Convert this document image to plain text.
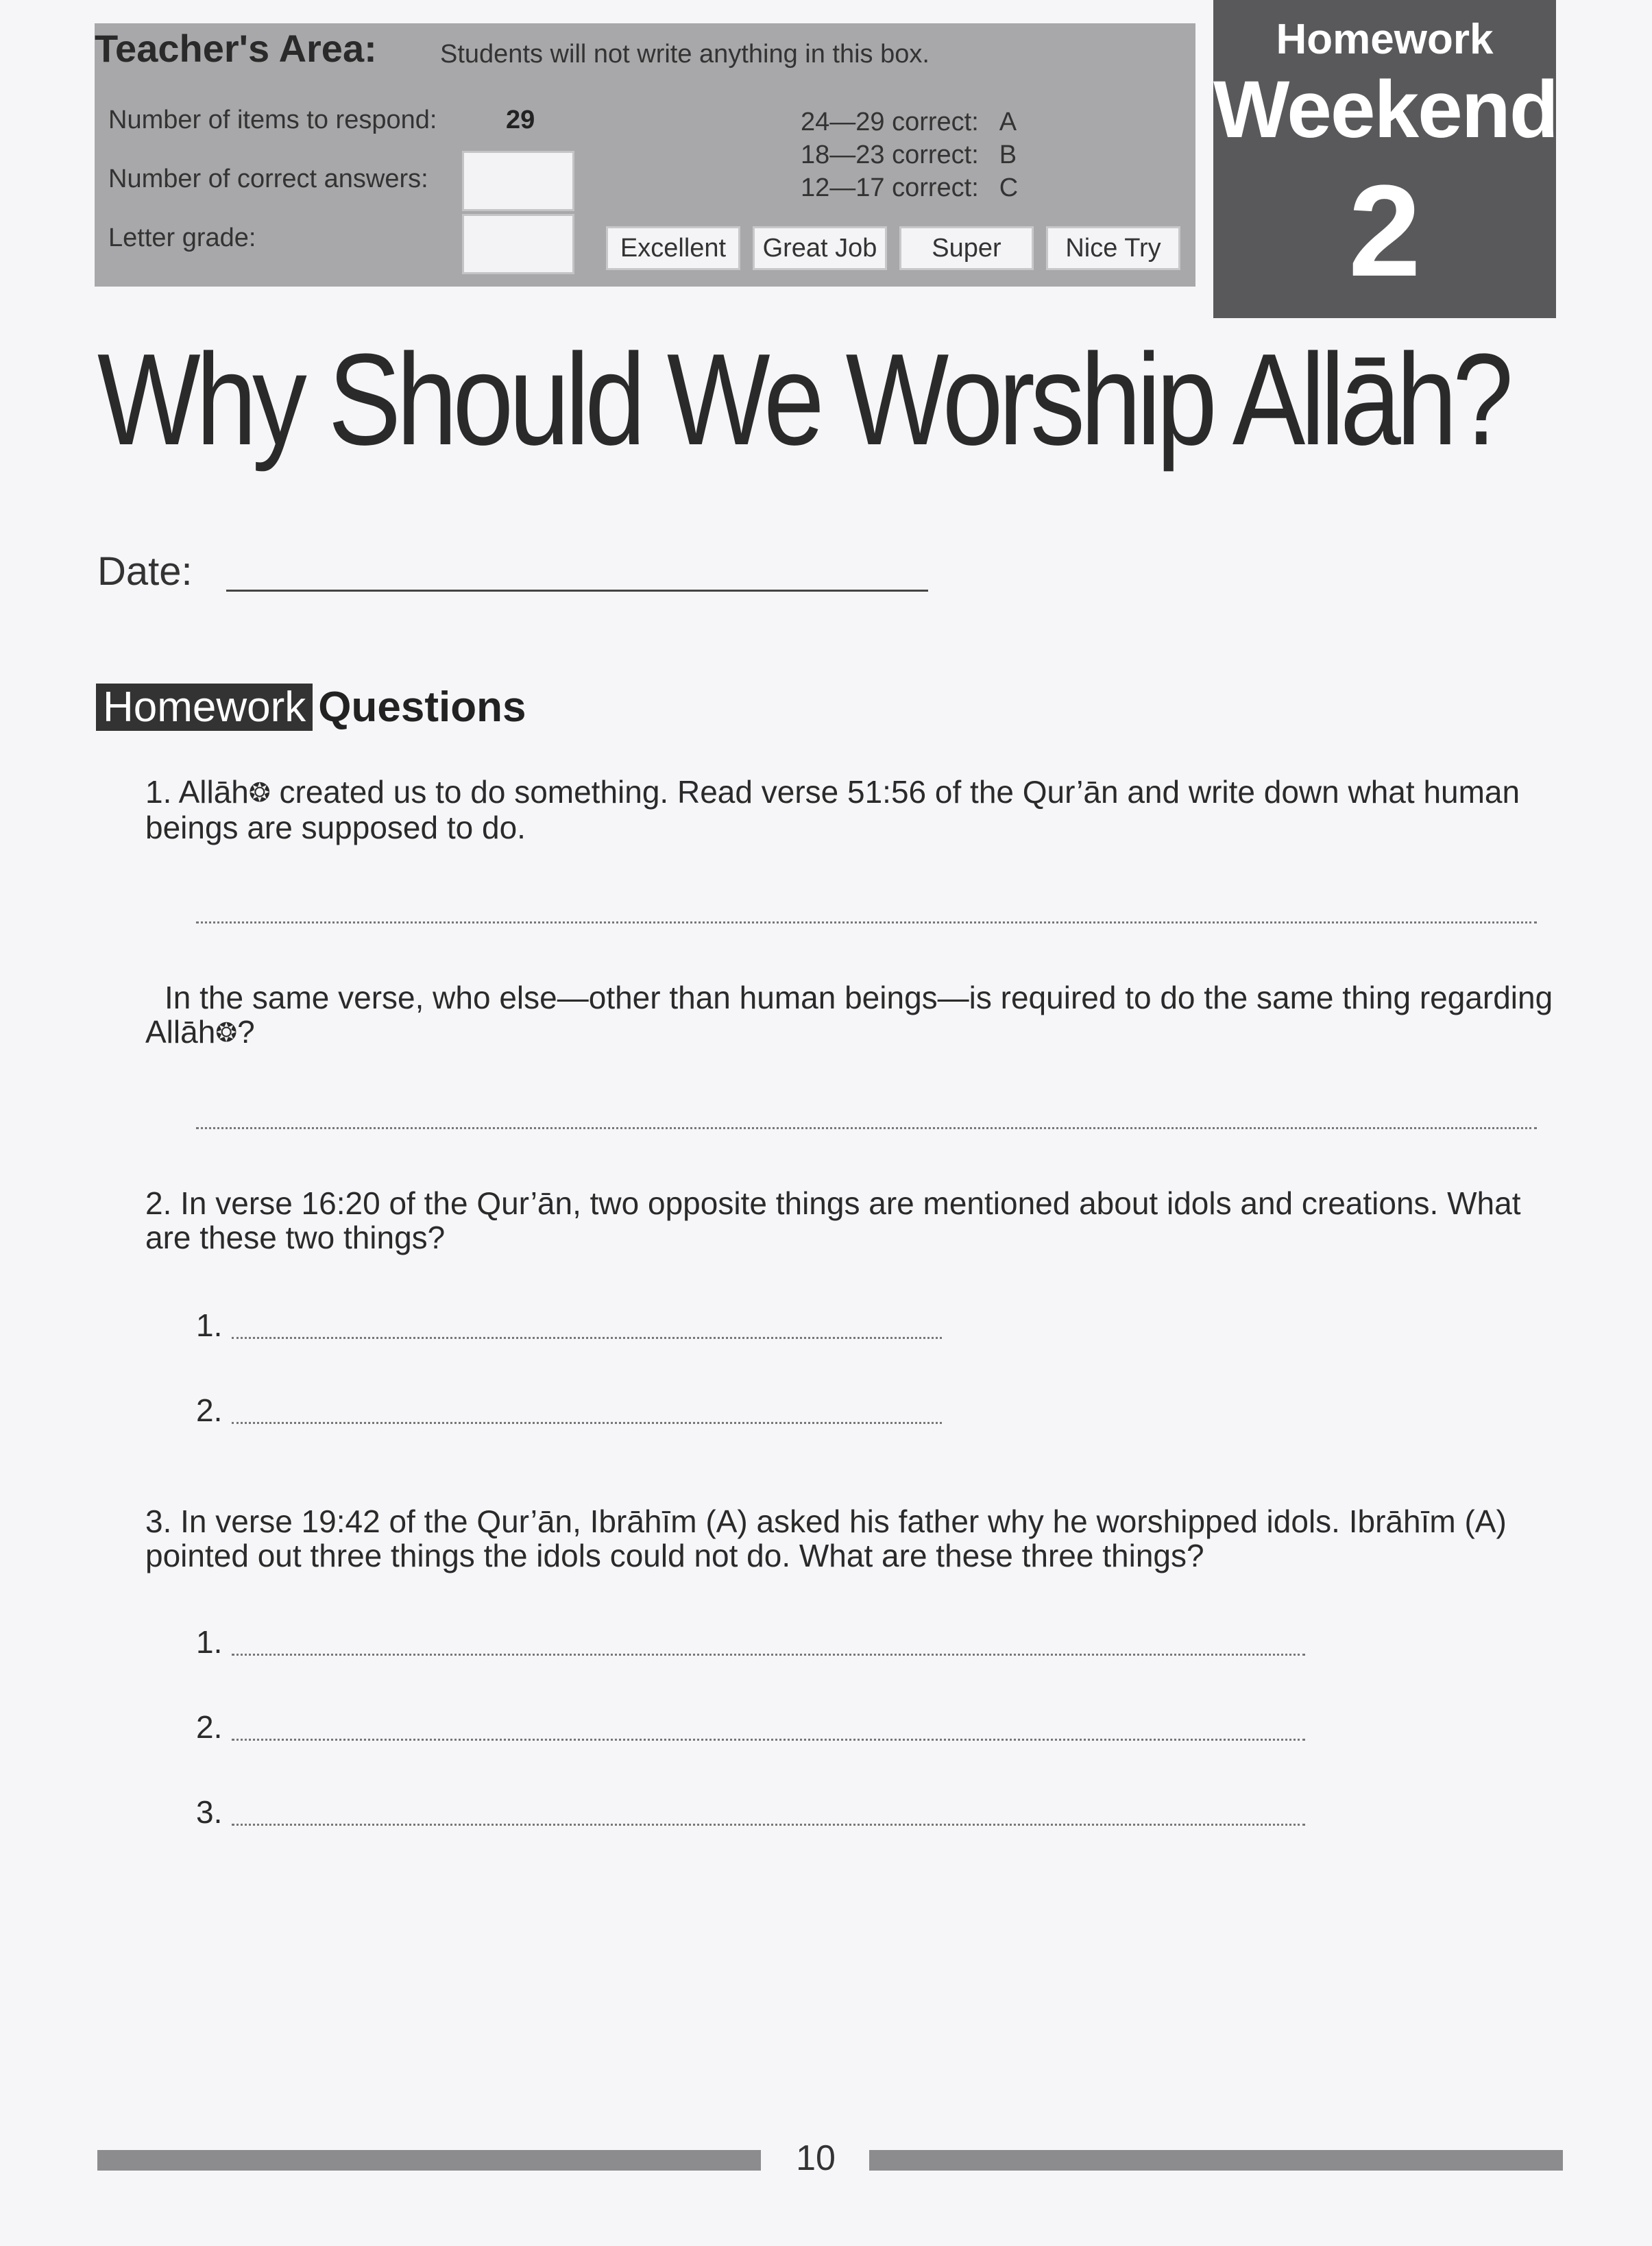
Teacher's Area: Students will not write anything in this box.
Number of items to respond:	29
Number of correct answers:
Letter grade:
24—29 correct: A
18—23 correct: B
12—17 correct: C
Excellent	Great Job	Super	Nice Try
Homework
Weekend
2
Why Should We Worship Allāh?
Date:
Homework Questions
1. Allāh❂ created us to do something. Read verse 51:56 of the Qur’ān and write down what human beings are supposed to do.
In the same verse, who else—other than human beings—is required to do the same thing regarding Allāh❂?
2. In verse 16:20 of the Qur’ān, two opposite things are mentioned about idols and creations. What are these two things?
1.
2.
3. In verse 19:42 of the Qur’ān, Ibrāhīm (A) asked his father why he worshipped idols. Ibrāhīm (A) pointed out three things the idols could not do. What are these three things?
1.
2.
3.
10
